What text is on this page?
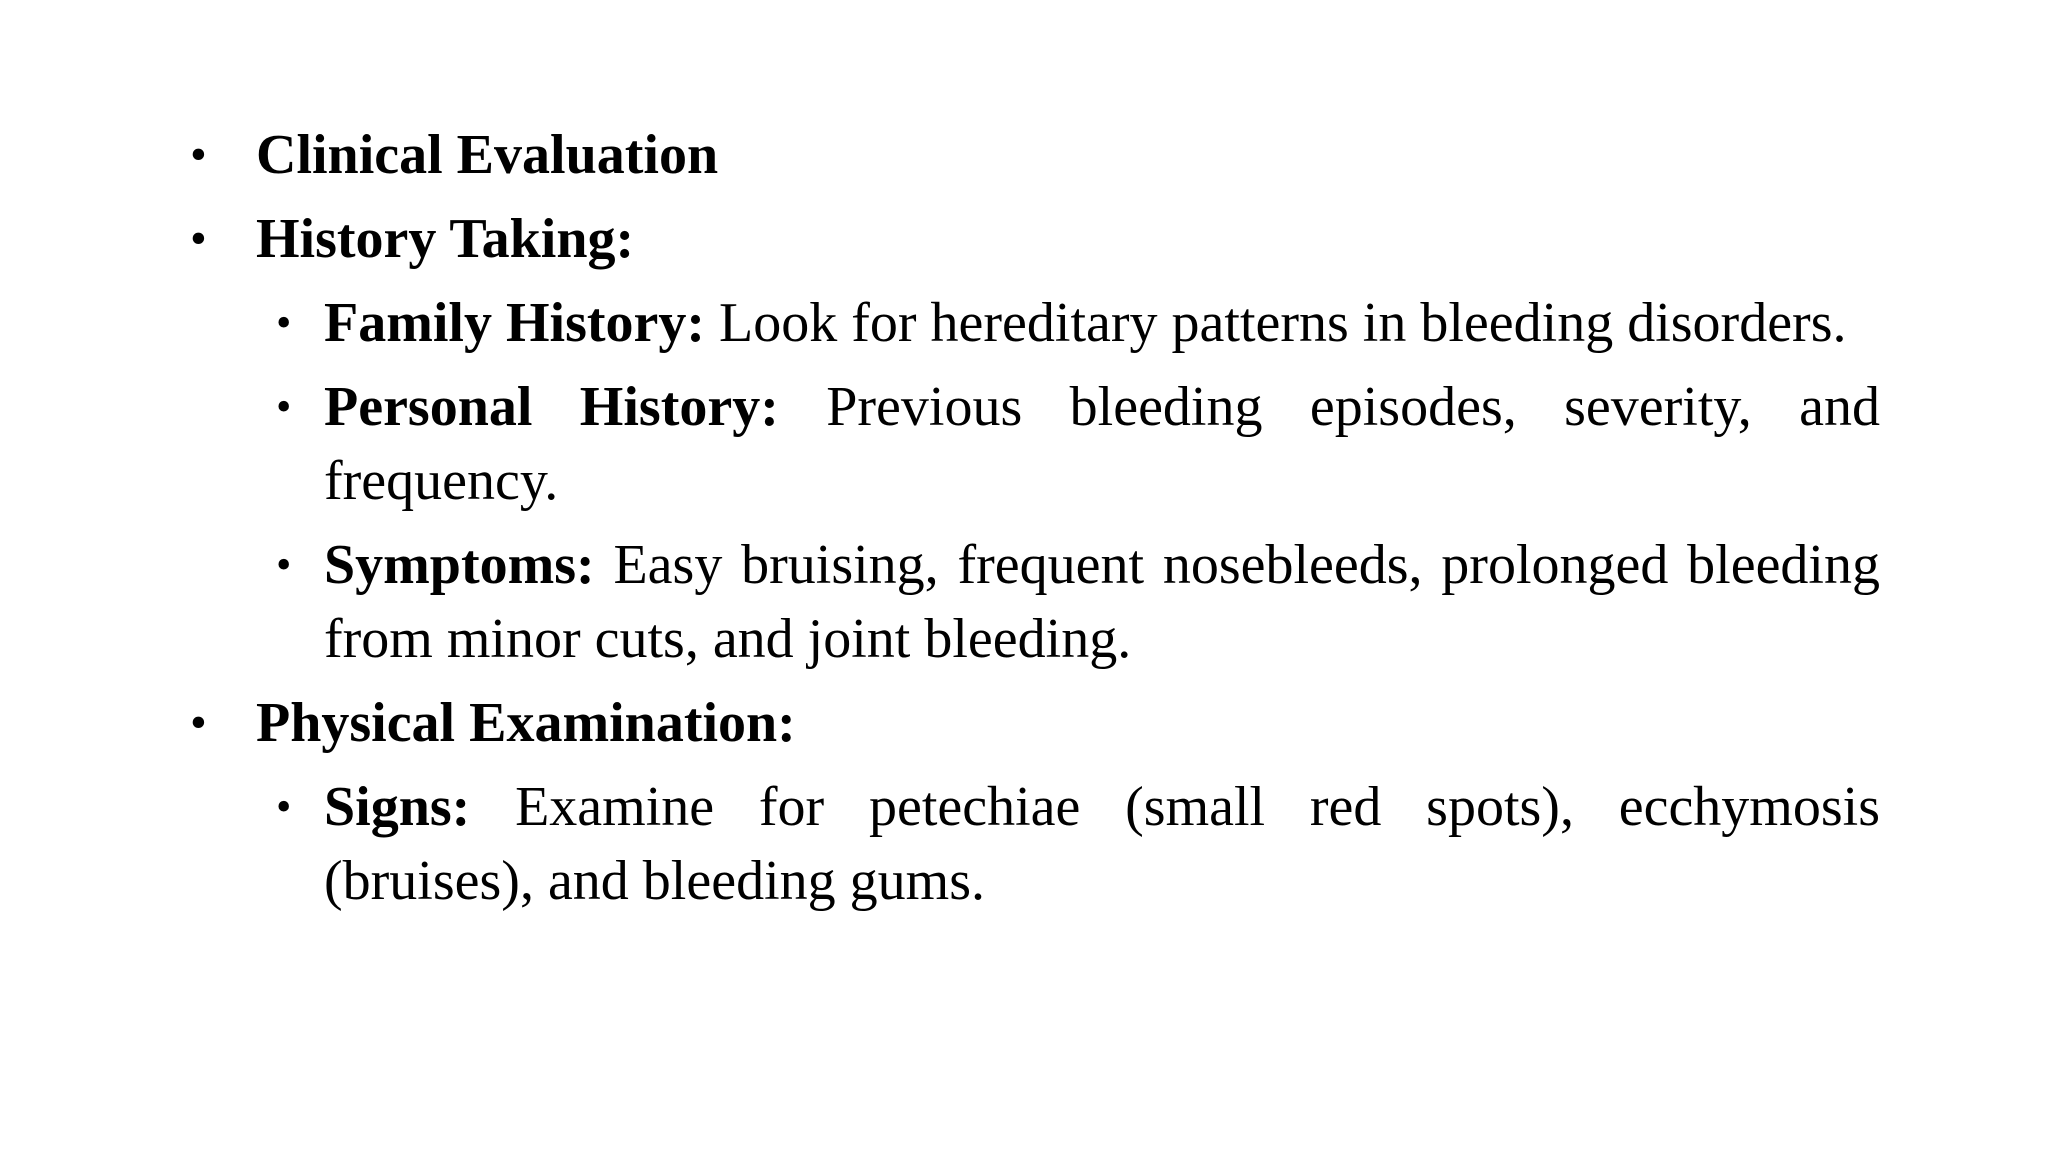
• Clinical Evaluation
• History Taking:
• Family History: Look for hereditary patterns in bleeding disorders.
• Personal History: Previous bleeding episodes, severity, and frequency.
• Symptoms: Easy bruising, frequent nosebleeds, prolonged bleeding from minor cuts, and joint bleeding.
• Physical Examination:
• Signs: Examine for petechiae (small red spots), ecchymosis (bruises), and bleeding gums.
